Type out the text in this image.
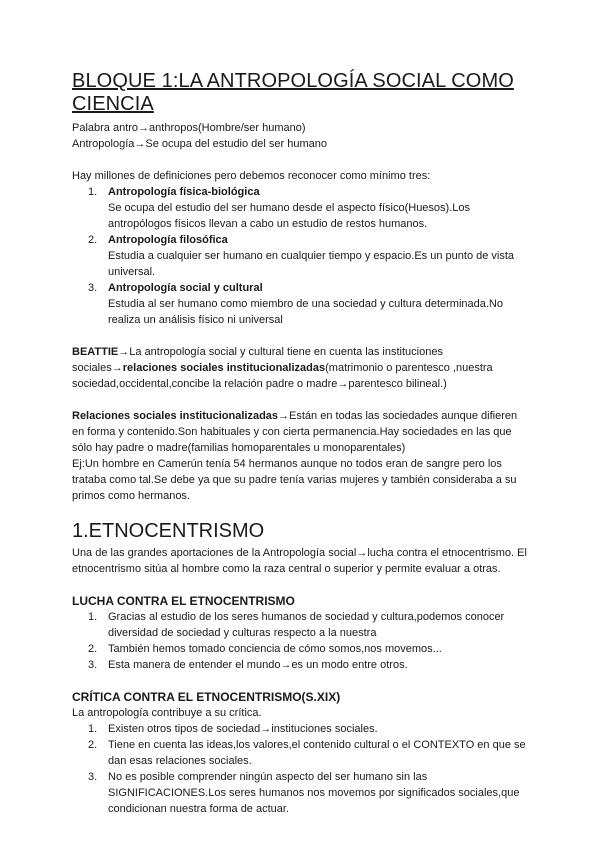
BLOQUE 1:LA ANTROPOLOGÍA SOCIAL COMO CIENCIA
Palabra antro→anthropos(Hombre/ser humano)
Antropología→Se ocupa del estudio del ser humano
Hay millones de definiciones pero debemos reconocer como mínimo tres:
1. Antropología física-biológica
Se ocupa del estudio del ser humano desde el aspecto físico(Huesos).Los antropólogos físicos llevan a cabo un estudio de restos humanos.
2. Antropología filosófica
Estudia a cualquier ser humano en cualquier tiempo y espacio.Es un punto de vista universal.
3. Antropología social y cultural
Estudia al ser humano como miembro de una sociedad y cultura determinada.No realiza un análisis físico ni universal
BEATTIE→La antropología social y cultural tiene en cuenta las instituciones sociales→relaciones sociales institucionalizadas(matrimonio o parentesco ,nuestra sociedad,occidental,concibe la relación padre o madre→parentesco bilineal.)
Relaciones sociales institucionalizadas→Están en todas las sociedades aunque difieren en forma y contenido.Son habituales y con cierta permanencia.Hay sociedades en las que sólo hay padre o madre(familias homoparentales u monoparentales)
Ej:Un hombre en Camerún tenía 54 hermanos aunque no todos eran de sangre pero los trataba como tal.Se debe ya que su padre tenía varias mujeres y también consideraba a su primos como hermanos.
1.ETNOCENTRISMO
Una de las grandes aportaciones de la Antropología social→lucha contra el etnocentrismo. El etnocentrismo sitúa al hombre como la raza central o superior y permite evaluar a otras.
LUCHA CONTRA EL ETNOCENTRISMO
1. Gracias al estudio de los seres humanos de sociedad y cultura,podemos conocer diversidad de sociedad y culturas respecto a la nuestra
2. También hemos tomado conciencia de cómo somos,nos movemos...
3. Esta manera de entender el mundo→es un modo entre otros.
CRÍTICA CONTRA EL ETNOCENTRISMO(S.XIX)
La antropología contribuye a su crítica.
1. Existen otros tipos de sociedad→instituciones sociales.
2. Tiene en cuenta las ideas,los valores,el contenido cultural o el CONTEXTO en que se dan esas relaciones sociales.
3. No es posible comprender ningún aspecto del ser humano sin las SIGNIFICACIONES.Los seres humanos nos movemos por significados sociales,que condicionan nuestra forma de actuar.
